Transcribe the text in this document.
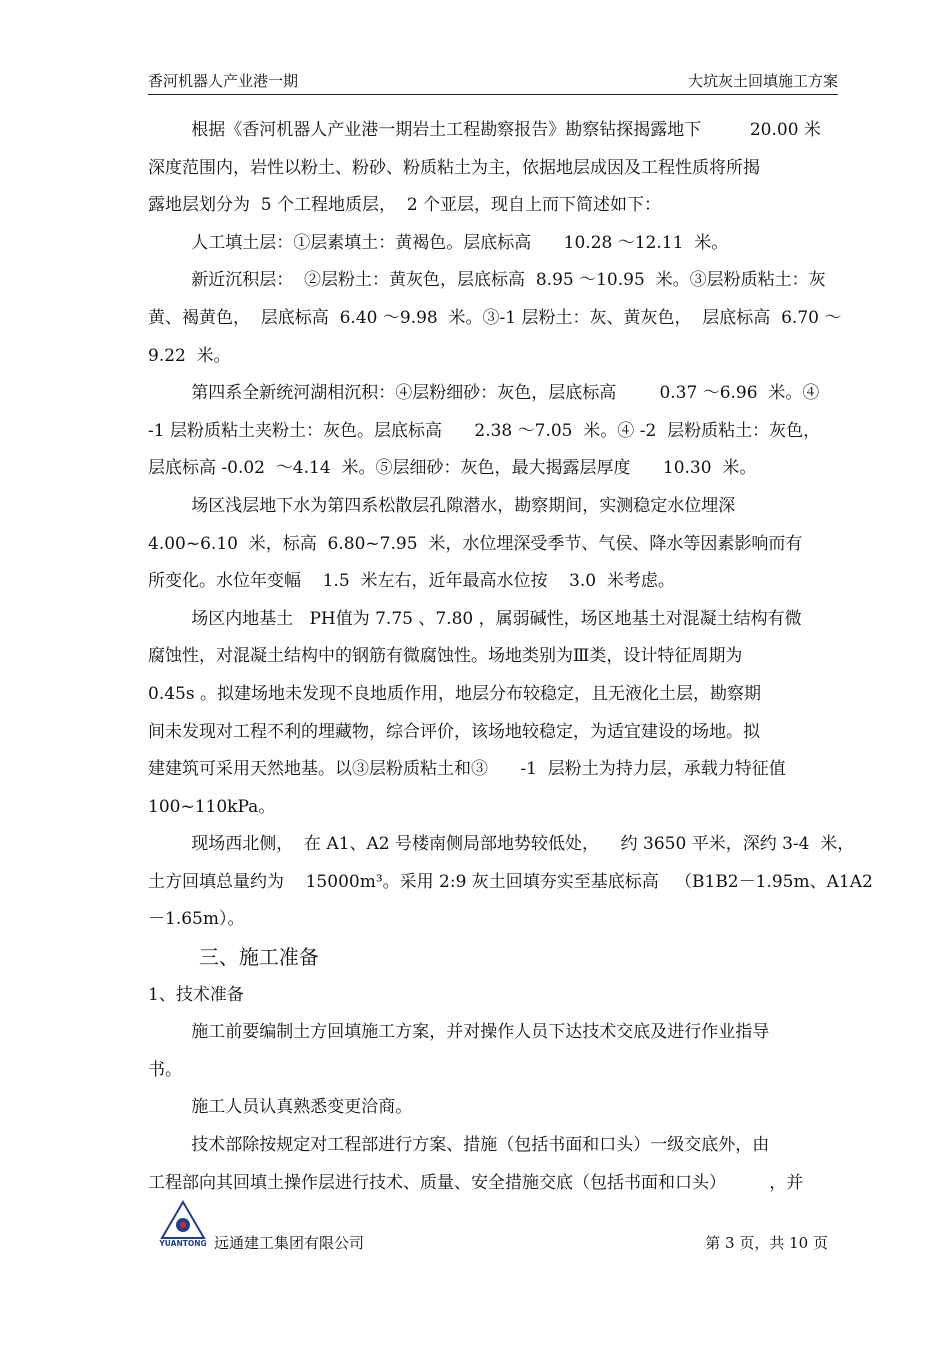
香河机器人产业港一期	大坑灰土回填施工方案
根据《香河机器人产业港一期岩土工程勘察报告》勘察钻探揭露地下         20.00 米
深度范围内，岩性以粉土、粉砂、粉质粘土为主，依据地层成因及工程性质将所揭
露地层划分为  5 个工程地质层，  2 个亚层，现自上而下简述如下：
人工填土层：①层素填土：黄褐色。层底标高      10.28 ～12.11  米。
新近沉积层：  ②层粉土：黄灰色，层底标高  8.95 ～10.95  米。③层粉质粘土：灰
黄、褐黄色，  层底标高  6.40 ～9.98  米。③-1 层粉土：灰、黄灰色，  层底标高  6.70 ～
9.22  米。
第四系全新统河湖相沉积：④层粉细砂：灰色，层底标高        0.37 ～6.96  米。④
-1 层粉质粘土夹粉土：灰色。层底标高      2.38 ～7.05  米。④ -2  层粉质粘土：灰色，
层底标高 -0.02  ～4.14  米。⑤层细砂：灰色，最大揭露层厚度      10.30  米。
场区浅层地下水为第四系松散层孔隙潜水，勘察期间，实测稳定水位埋深
4.00~6.10  米，标高  6.80~7.95  米，水位埋深受季节、气侯、降水等因素影响而有
所变化。水位年变幅    1.5  米左右，近年最高水位按    3.0  米考虑。
场区内地基土   PH值为 7.75 、7.80 ，属弱碱性，场区地基土对混凝土结构有微
腐蚀性，对混凝土结构中的钢筋有微腐蚀性。场地类别为Ⅲ类，设计特征周期为
0.45s 。拟建场地未发现不良地质作用，地层分布较稳定，且无液化土层，勘察期
间未发现对工程不利的埋藏物，综合评价，该场地较稳定，为适宜建设的场地。拟
建建筑可采用天然地基。以③层粉质粘土和③      -1  层粉土为持力层，承载力特征值
100~110kPa。
现场西北侧，  在 A1、A2 号楼南侧局部地势较低处，    约 3650 平米，深约 3-4  米，
土方回填总量约为    15000m³。采用 2:9 灰土回填夯实至基底标高   （B1B2－1.95m、A1A2
－1.65m）。
三、施工准备
1、技术准备
施工前要编制土方回填施工方案，并对操作人员下达技术交底及进行作业指导
书。
施工人员认真熟悉变更洽商。
技术部除按规定对工程部进行方案、措施（包括书面和口头）一级交底外，由
工程部向其回填土操作层进行技术、质量、安全措施交底（包括书面和口头）        ，并
YUANTONG 远通建工集团有限公司	第 3 页，共 10 页
